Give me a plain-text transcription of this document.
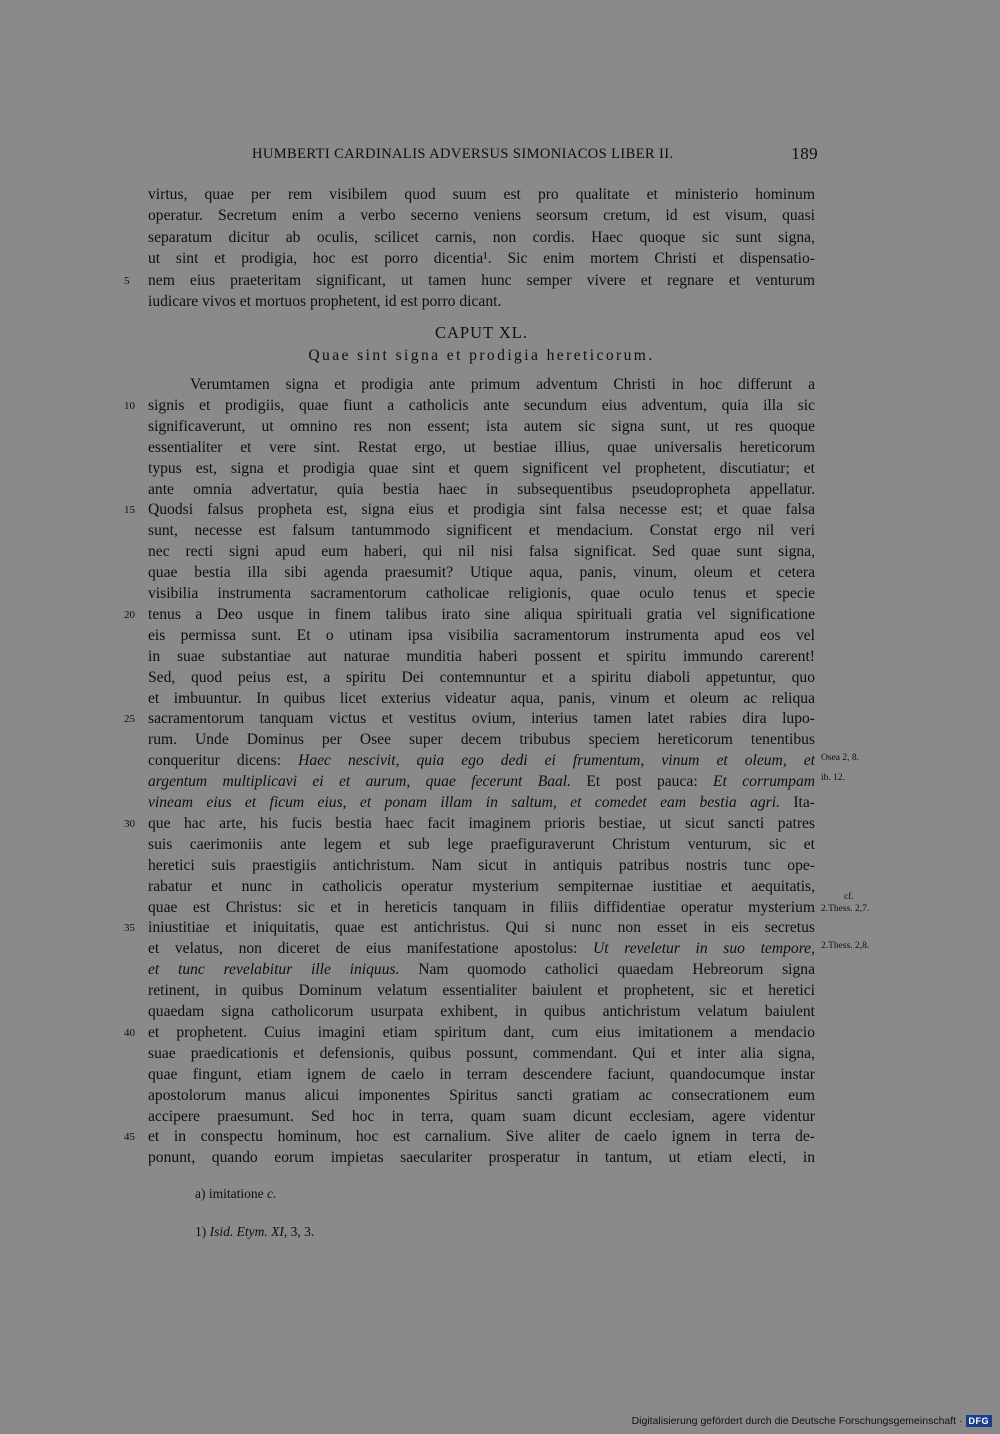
HUMBERTI CARDINALIS ADVERSUS SIMONIACOS LIBER II.	189
virtus, quae per rem visibilem quod suum est pro qualitate et ministerio hominum
operatur. Secretum enim a verbo secerno veniens seorsum cretum, id est visum, quasi
separatum dicitur ab oculis, scilicet carnis, non cordis. Haec quoque sic sunt signa,
ut sint et prodigia, hoc est porro dicentia¹. Sic enim mortem Christi et dispensatio-
nem eius praeteritam significant, ut tamen hunc semper vivere et regnare et venturum
5
iudicare vivos et mortuos prophetent, id est porro dicant.
Verumtamen signa et prodigia ante primum adventum Christi in hoc differunt a
signis et prodigiis, quae fiunt a catholicis ante secundum eius adventum, quia illa sic
10
significaverunt, ut omnino res non essent; ista autem sic signa sunt, ut res quoque
essentialiter et vere sint. Restat ergo, ut bestiae illius, quae universalis hereticorum
typus est, signa et prodigia quae sint et quem significent vel prophetent, discutiatur; et
ante omnia advertatur, quia bestia haec in subsequentibus pseudopropheta appellatur.
Quodsi falsus propheta est, signa eius et prodigia sint falsa necesse est; et quae falsa
15
sunt, necesse est falsum tantummodo significent et mendacium. Constat ergo nil veri
nec recti signi apud eum haberi, qui nil nisi falsa significat. Sed quae sunt signa,
quae bestia illa sibi agenda praesumit? Utique aqua, panis, vinum, oleum et cetera
visibilia instrumenta sacramentorum catholicae religionis, quae oculo tenus et specie
tenus a Deo usque in finem talibus irato sine aliqua spirituali gratia vel significatione
20
eis permissa sunt. Et o utinam ipsa visibilia sacramentorum instrumenta apud eos vel
in suae substantiae aut naturae munditia haberi possent et spiritu immundo carerent!
Sed, quod peius est, a spiritu Dei contemnuntur et a spiritu diaboli appetuntur, quo
et imbuuntur. In quibus licet exterius videatur aqua, panis, vinum et oleum ac reliqua
sacramentorum tanquam victus et vestitus ovium, interius tamen latet rabies dira lupo-
25
rum. Unde Dominus per Osee super decem tribubus speciem hereticorum tenentibus
conqueritur dicens: Haec nescivit, quia ego dedi ei frumentum, vinum et oleum, et
argentum multiplicavi ei et aurum, quae fecerunt Baal. Et post pauca: Et corrumpam
vineam eius et ficum eius, et ponam illam in saltum, et comedet eam bestia agri. Ita-
que hac arte, his fucis bestia haec facit imaginem prioris bestiae, ut sicut sancti patres
30
suis caerimoniis ante legem et sub lege praefiguraverunt Christum venturum, sic et
heretici suis praestigiis antichristum. Nam sicut in antiquis patribus nostris tunc ope-
rabatur et nunc in catholicis operatur mysterium sempiternae iustitiae et aequitatis,
quae est Christus: sic et in hereticis tanquam in filiis diffidentiae operatur mysterium
iniustitiae et iniquitatis, quae est antichristus. Qui si nunc non esset in eis secretus
35
et velatus, non diceret de eius manifestatione apostolus: Ut reveletur in suo tempore,
et tunc revelabitur ille iniquus. Nam quomodo catholici quaedam Hebreorum signa
retinent, in quibus Dominum velatum essentialiter baiulent et prophetent, sic et heretici
quaedam signa catholicorum usurpata exhibent, in quibus antichristum velatum baiulent
et prophetent. Cuius imagini etiam spiritum dant, cum eius imitationem a mendacio
40
suae praedicationis et defensionis, quibus possunt, commendant. Qui et inter alia signa,
quae fingunt, etiam ignem de caelo in terram descendere faciunt, quandocumque instar
apostolorum manus alicui imponentes Spiritus sancti gratiam ac consecrationem eum
accipere praesumunt. Sed hoc in terra, quam suam dicunt ecclesiam, agere videntur
et in conspectu hominum, hoc est carnalium. Sive aliter de caelo ignem in terra de-
45
ponunt, quando eorum impietas saeculariter prosperatur in tantum, ut etiam electi, in
CAPUT XL.
Quae sint signa et prodigia hereticorum.
Osea 2, 8.
ib. 12.
cf.
2.Thess. 2,7.
2.Thess. 2,8.
a) imitatione c.
1) Isid. Etym. XI, 3, 3.
Digitalisierung gefördert durch die Deutsche Forschungsgemeinschaft · DFG
